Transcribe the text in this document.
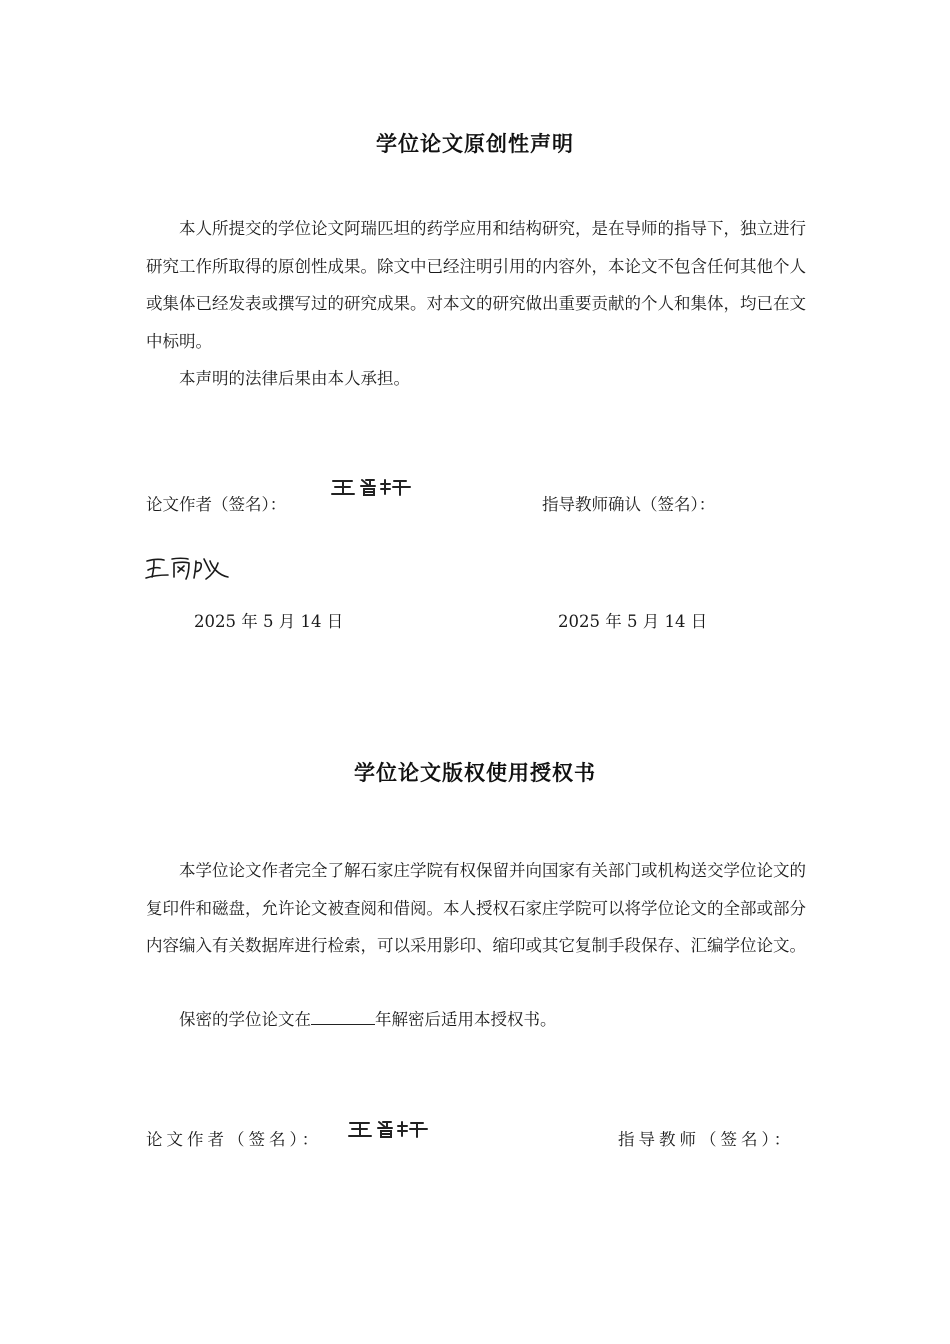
学位论文原创性声明

本人所提交的学位论文阿瑞匹坦的药学应用和结构研究，是在导师的指导下，独立进行研究工作所取得的原创性成果。除文中已经注明引用的内容外，本论文不包含任何其他个人或集体已经发表或撰写过的研究成果。对本文的研究做出重要贡献的个人和集体，均已在文中标明。

本声明的法律后果由本人承担。

论文作者（签名）：	指导教师确认（签名）：
2025 年 5 月 14 日	2025 年 5 月 14 日
学位论文版权使用授权书

本学位论文作者完全了解石家庄学院有权保留并向国家有关部门或机构送交学位论文的复印件和磁盘，允许论文被查阅和借阅。本人授权石家庄学院可以将学位论文的全部或部分内容编入有关数据库进行检索，可以采用影印、缩印或其它复制手段保存、汇编学位论文。

保密的学位论文在	年解密后适用本授权书。

论文作者（签名）：	指导教师（签名）：
